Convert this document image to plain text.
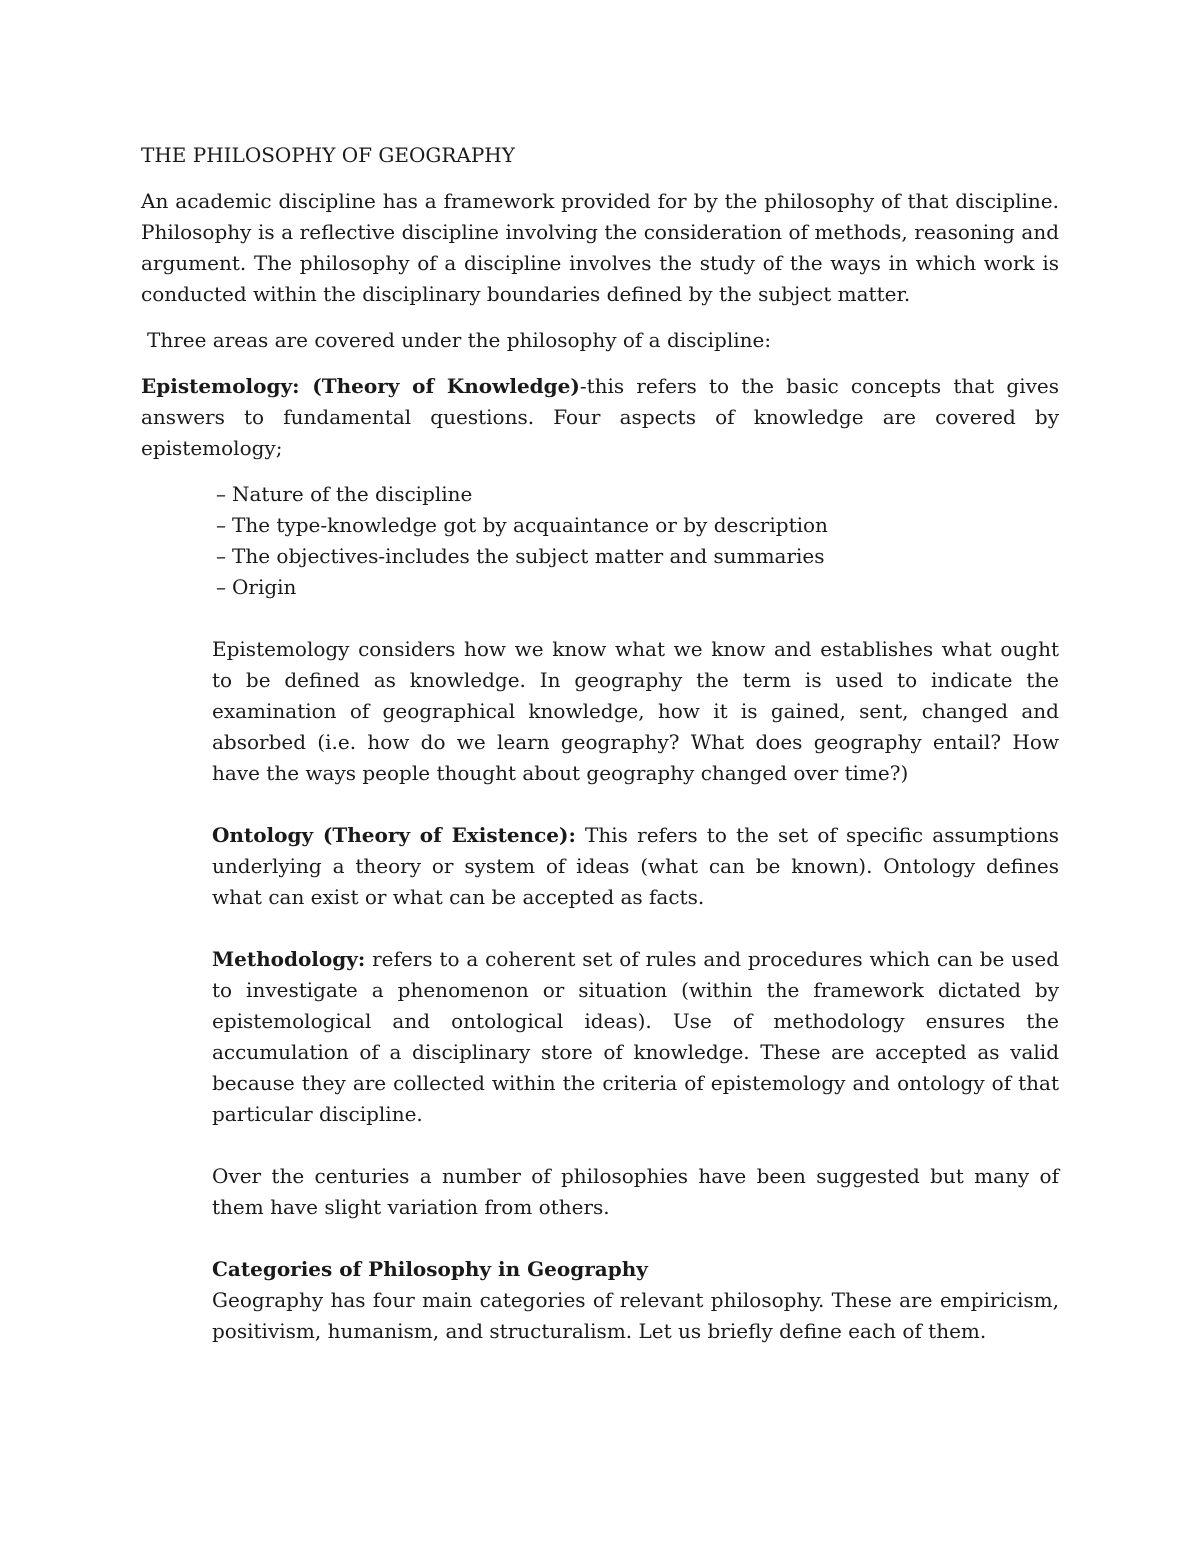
THE PHILOSOPHY OF GEOGRAPHY

An academic discipline has a framework provided for by the philosophy of that discipline. Philosophy is a reflective discipline involving the consideration of methods, reasoning and argument. The philosophy of a discipline involves the study of the ways in which work is conducted within the disciplinary boundaries defined by the subject matter.

Three areas are covered under the philosophy of a discipline:

Epistemology: (Theory of Knowledge)-this refers to the basic concepts that gives answers to fundamental questions. Four aspects of knowledge are covered by epistemology;

– Nature of the discipline
– The type-knowledge got by acquaintance or by description
– The objectives-includes the subject matter and summaries
– Origin

Epistemology considers how we know what we know and establishes what ought to be defined as knowledge. In geography the term is used to indicate the examination of geographical knowledge, how it is gained, sent, changed and absorbed (i.e. how do we learn geography? What does geography entail? How have the ways people thought about geography changed over time?)

Ontology (Theory of Existence): This refers to the set of specific assumptions underlying a theory or system of ideas (what can be known). Ontology defines what can exist or what can be accepted as facts.

Methodology: refers to a coherent set of rules and procedures which can be used to investigate a phenomenon or situation (within the framework dictated by epistemological and ontological ideas). Use of methodology ensures the accumulation of a disciplinary store of knowledge. These are accepted as valid because they are collected within the criteria of epistemology and ontology of that particular discipline.

Over the centuries a number of philosophies have been suggested but many of them have slight variation from others.

Categories of Philosophy in Geography

Geography has four main categories of relevant philosophy. These are empiricism, positivism, humanism, and structuralism. Let us briefly define each of them.
